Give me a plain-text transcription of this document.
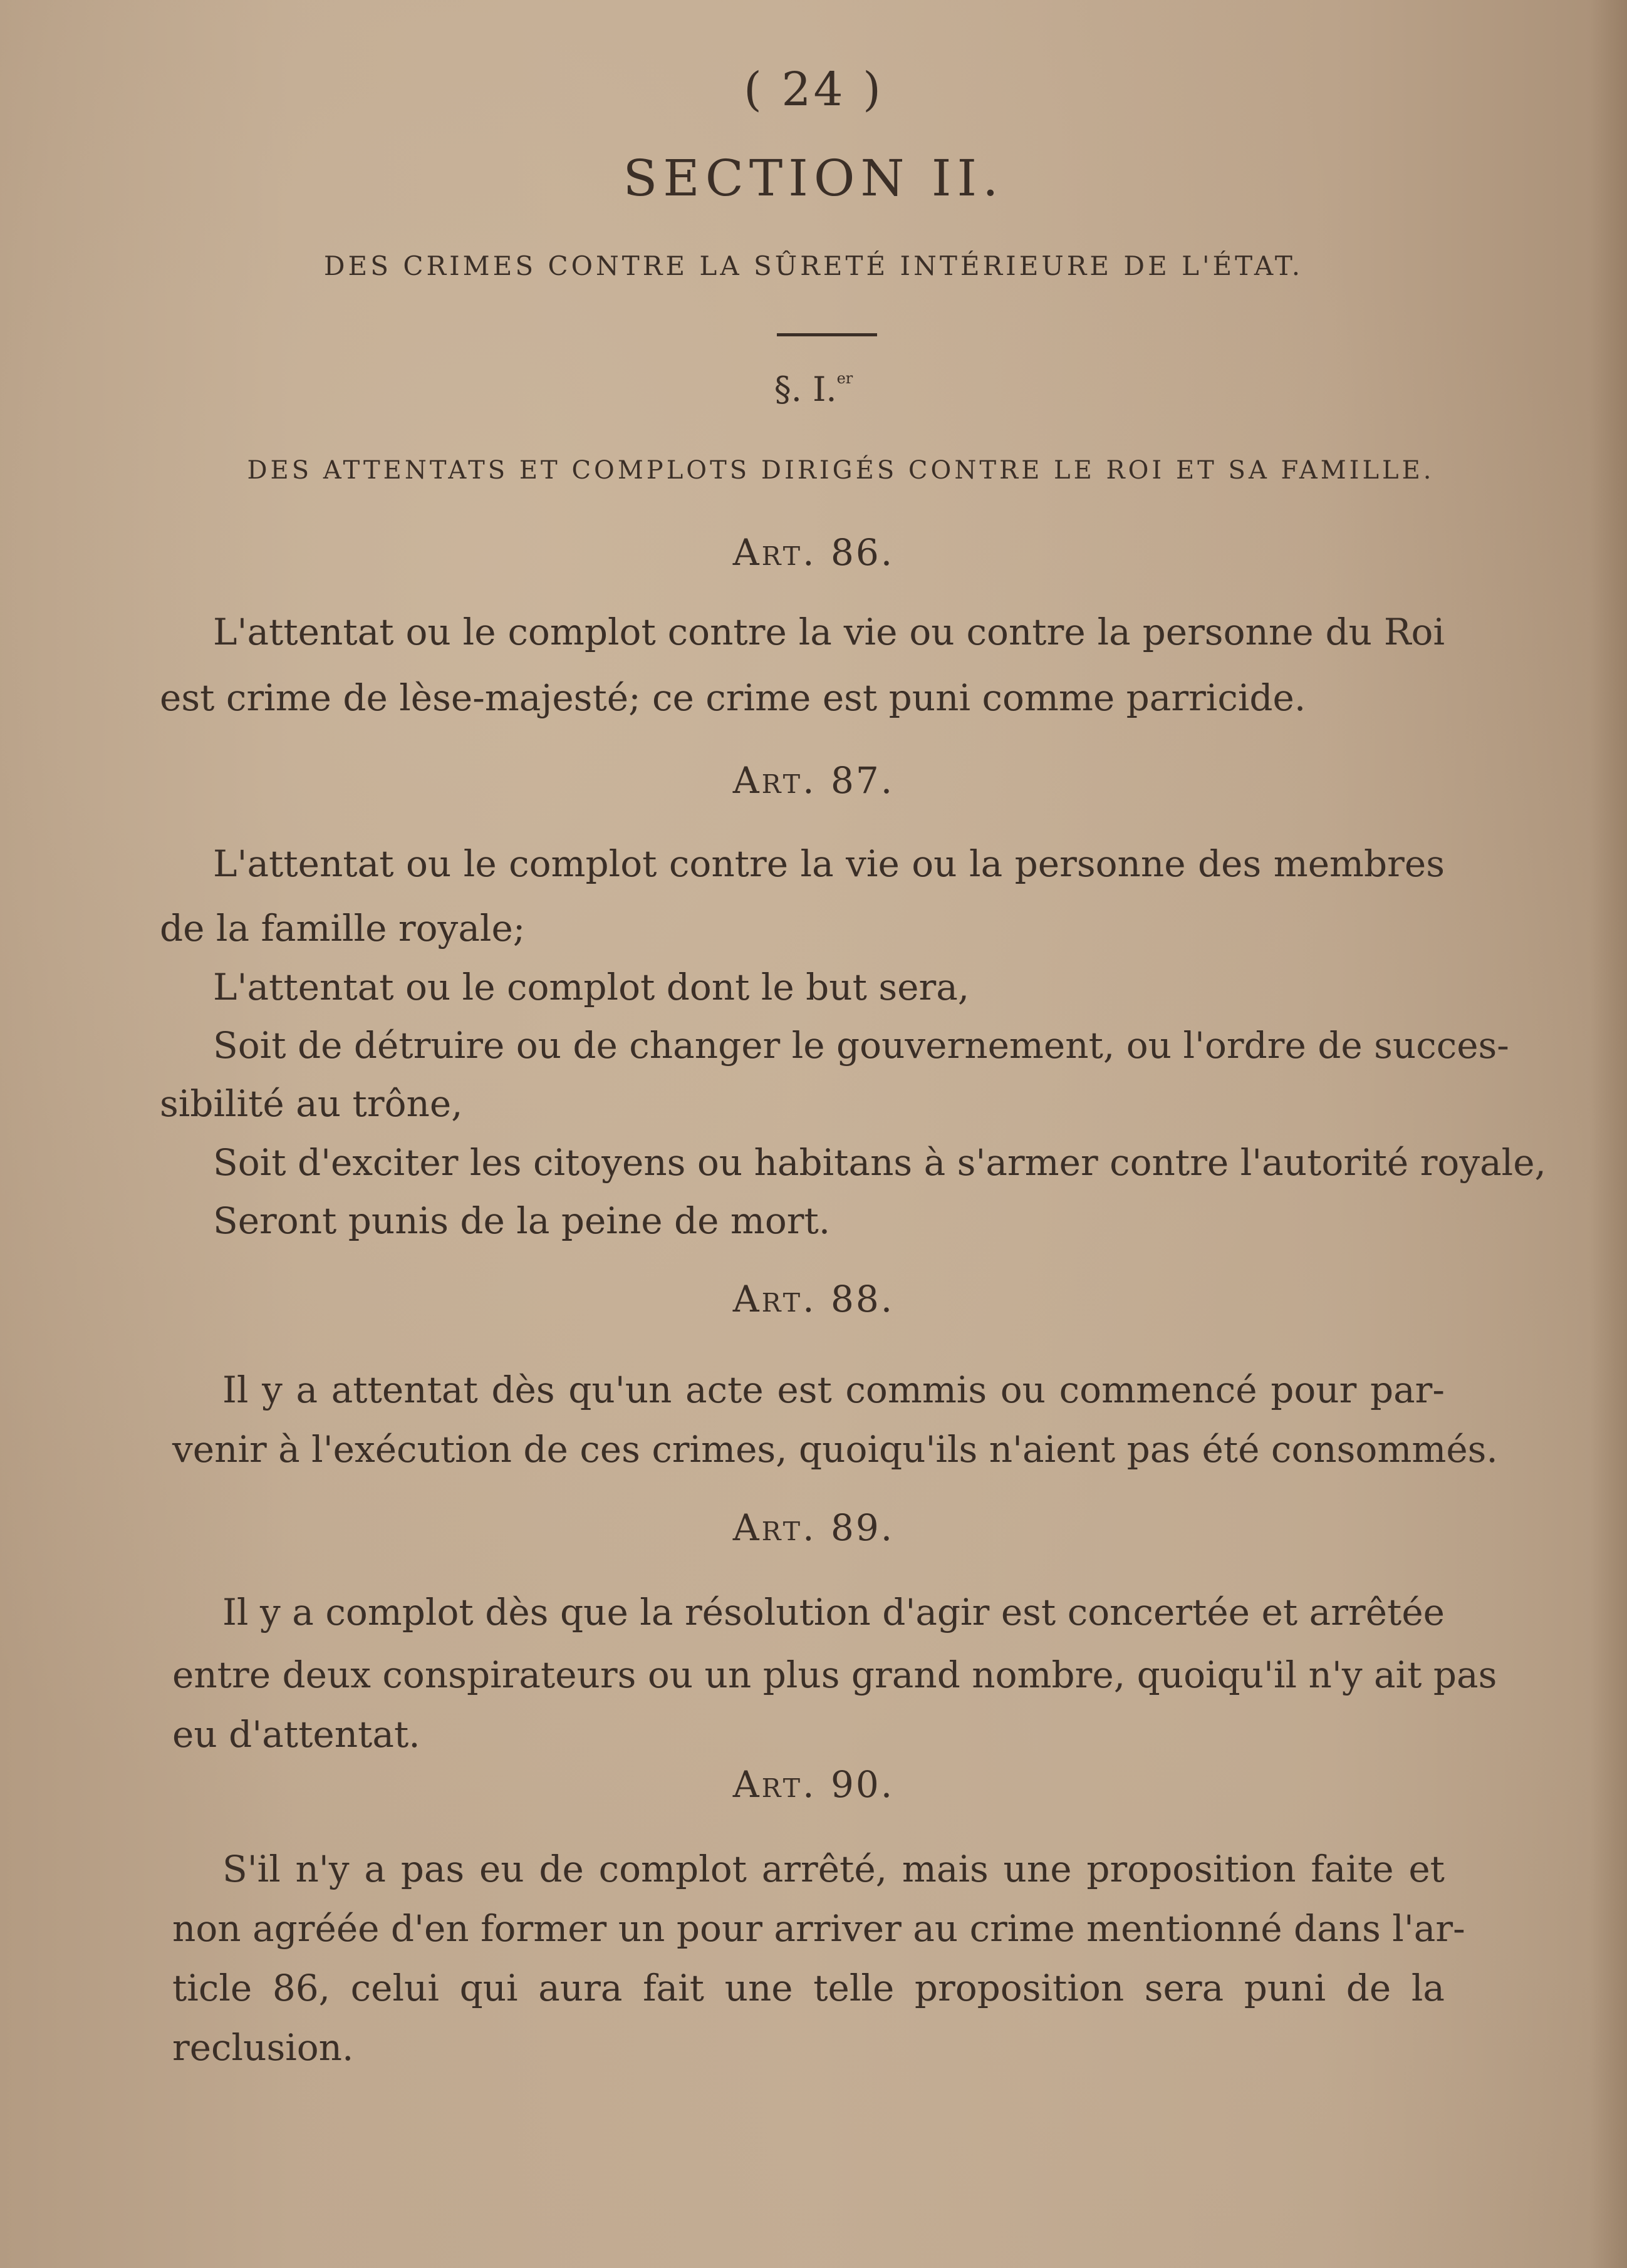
( 24 )
SECTION II.
DES CRIMES CONTRE LA SÛRETÉ INTÉRIEURE DE L'ÉTAT.
§. I.$^{er}$
DES ATTENTATS ET COMPLOTS DIRIGÉS CONTRE LE ROI ET SA FAMILLE.
Art. 86.
L'attentat ou le complot contre la vie ou contre la personne du Roi
est crime de lèse-majesté; ce crime est puni comme parricide.
Art. 87.
L'attentat ou le complot contre la vie ou la personne des membres
de la famille royale;
L'attentat ou le complot dont le but sera,
Soit de détruire ou de changer le gouvernement, ou l'ordre de succes-
sibilité au trône,
Soit d'exciter les citoyens ou habitans à s'armer contre l'autorité royale,
Seront punis de la peine de mort.
Art. 88.
Il y a attentat dès qu'un acte est commis ou commencé pour par-
venir à l'exécution de ces crimes, quoiqu'ils n'aient pas été consommés.
Art. 89.
Il y a complot dès que la résolution d'agir est concertée et arrêtée
entre deux conspirateurs ou un plus grand nombre, quoiqu'il n'y ait pas
eu d'attentat.
Art. 90.
S'il n'y a pas eu de complot arrêté, mais une proposition faite et
non agréée d'en former un pour arriver au crime mentionné dans l'ar-
ticle 86, celui qui aura fait une telle proposition sera puni de la
reclusion.
